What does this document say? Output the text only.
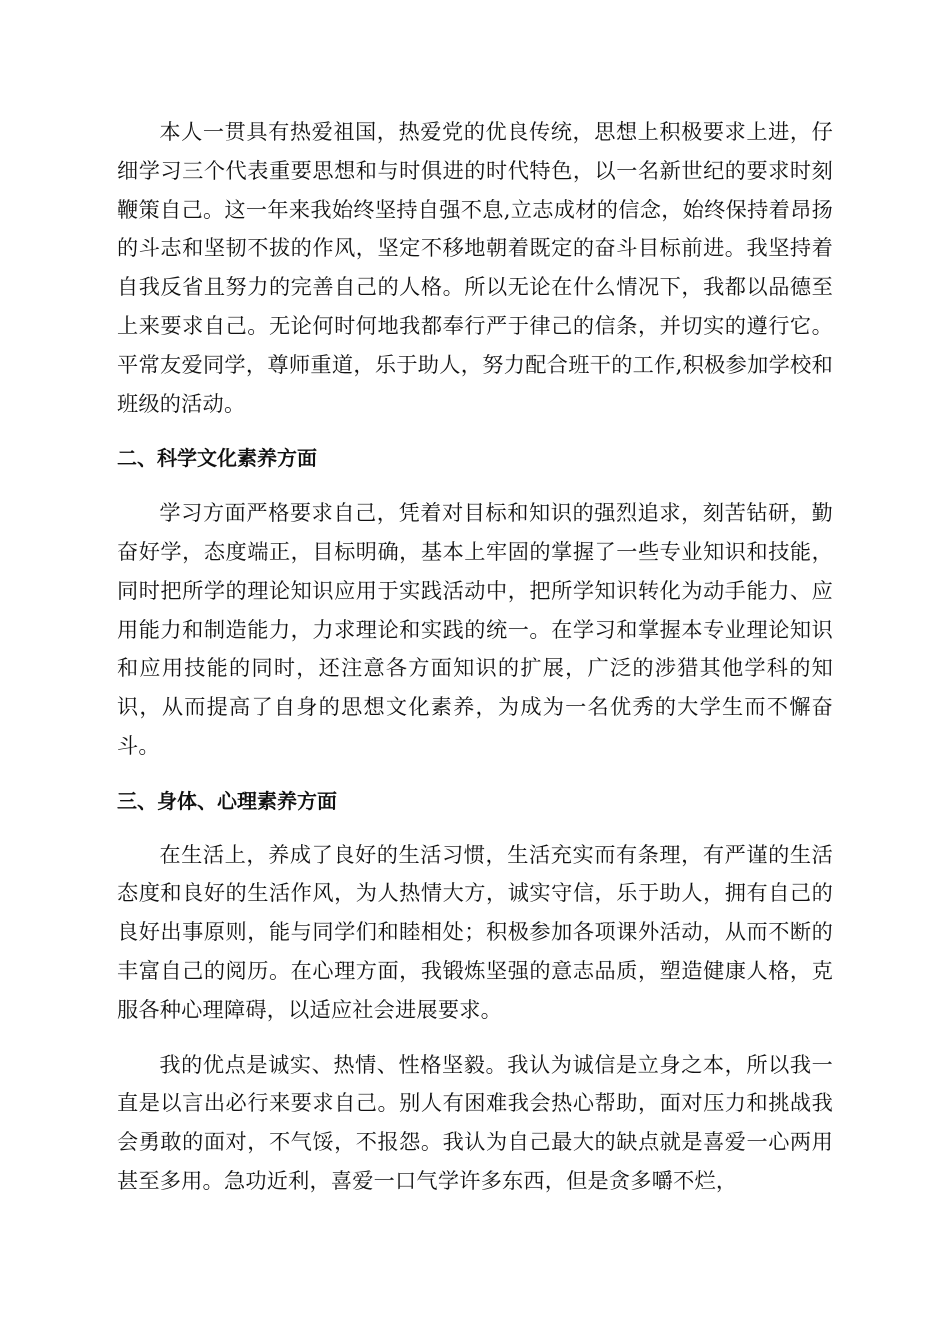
本人一贯具有热爱祖国，热爱党的优良传统，思想上积极要求上进，仔细学习三个代表重要思想和与时俱进的时代特色，以一名新世纪的要求时刻鞭策自己。这一年来我始终坚持自强不息,立志成材的信念，始终保持着昂扬的斗志和坚韧不拔的作风，坚定不移地朝着既定的奋斗目标前进。我坚持着自我反省且努力的完善自己的人格。所以无论在什么情况下，我都以品德至上来要求自己。无论何时何地我都奉行严于律己的信条，并切实的遵行它。平常友爱同学，尊师重道，乐于助人，努力配合班干的工作,积极参加学校和班级的活动。

二、科学文化素养方面

学习方面严格要求自己，凭着对目标和知识的强烈追求，刻苦钻研，勤奋好学，态度端正，目标明确，基本上牢固的掌握了一些专业知识和技能，同时把所学的理论知识应用于实践活动中，把所学知识转化为动手能力、应用能力和制造能力，力求理论和实践的统一。在学习和掌握本专业理论知识和应用技能的同时，还注意各方面知识的扩展，广泛的涉猎其他学科的知识，从而提高了自身的思想文化素养，为成为一名优秀的大学生而不懈奋斗。

三、身体、心理素养方面

在生活上，养成了良好的生活习惯，生活充实而有条理，有严谨的生活态度和良好的生活作风，为人热情大方，诚实守信，乐于助人，拥有自己的良好出事原则，能与同学们和睦相处；积极参加各项课外活动，从而不断的丰富自己的阅历。在心理方面，我锻炼坚强的意志品质，塑造健康人格，克服各种心理障碍，以适应社会进展要求。

我的优点是诚实、热情、性格坚毅。我认为诚信是立身之本，所以我一直是以言出必行来要求自己。别人有困难我会热心帮助，面对压力和挑战我会勇敢的面对，不气馁，不报怨。我认为自己最大的缺点就是喜爱一心两用甚至多用。急功近利，喜爱一口气学许多东西，但是贪多嚼不烂，
